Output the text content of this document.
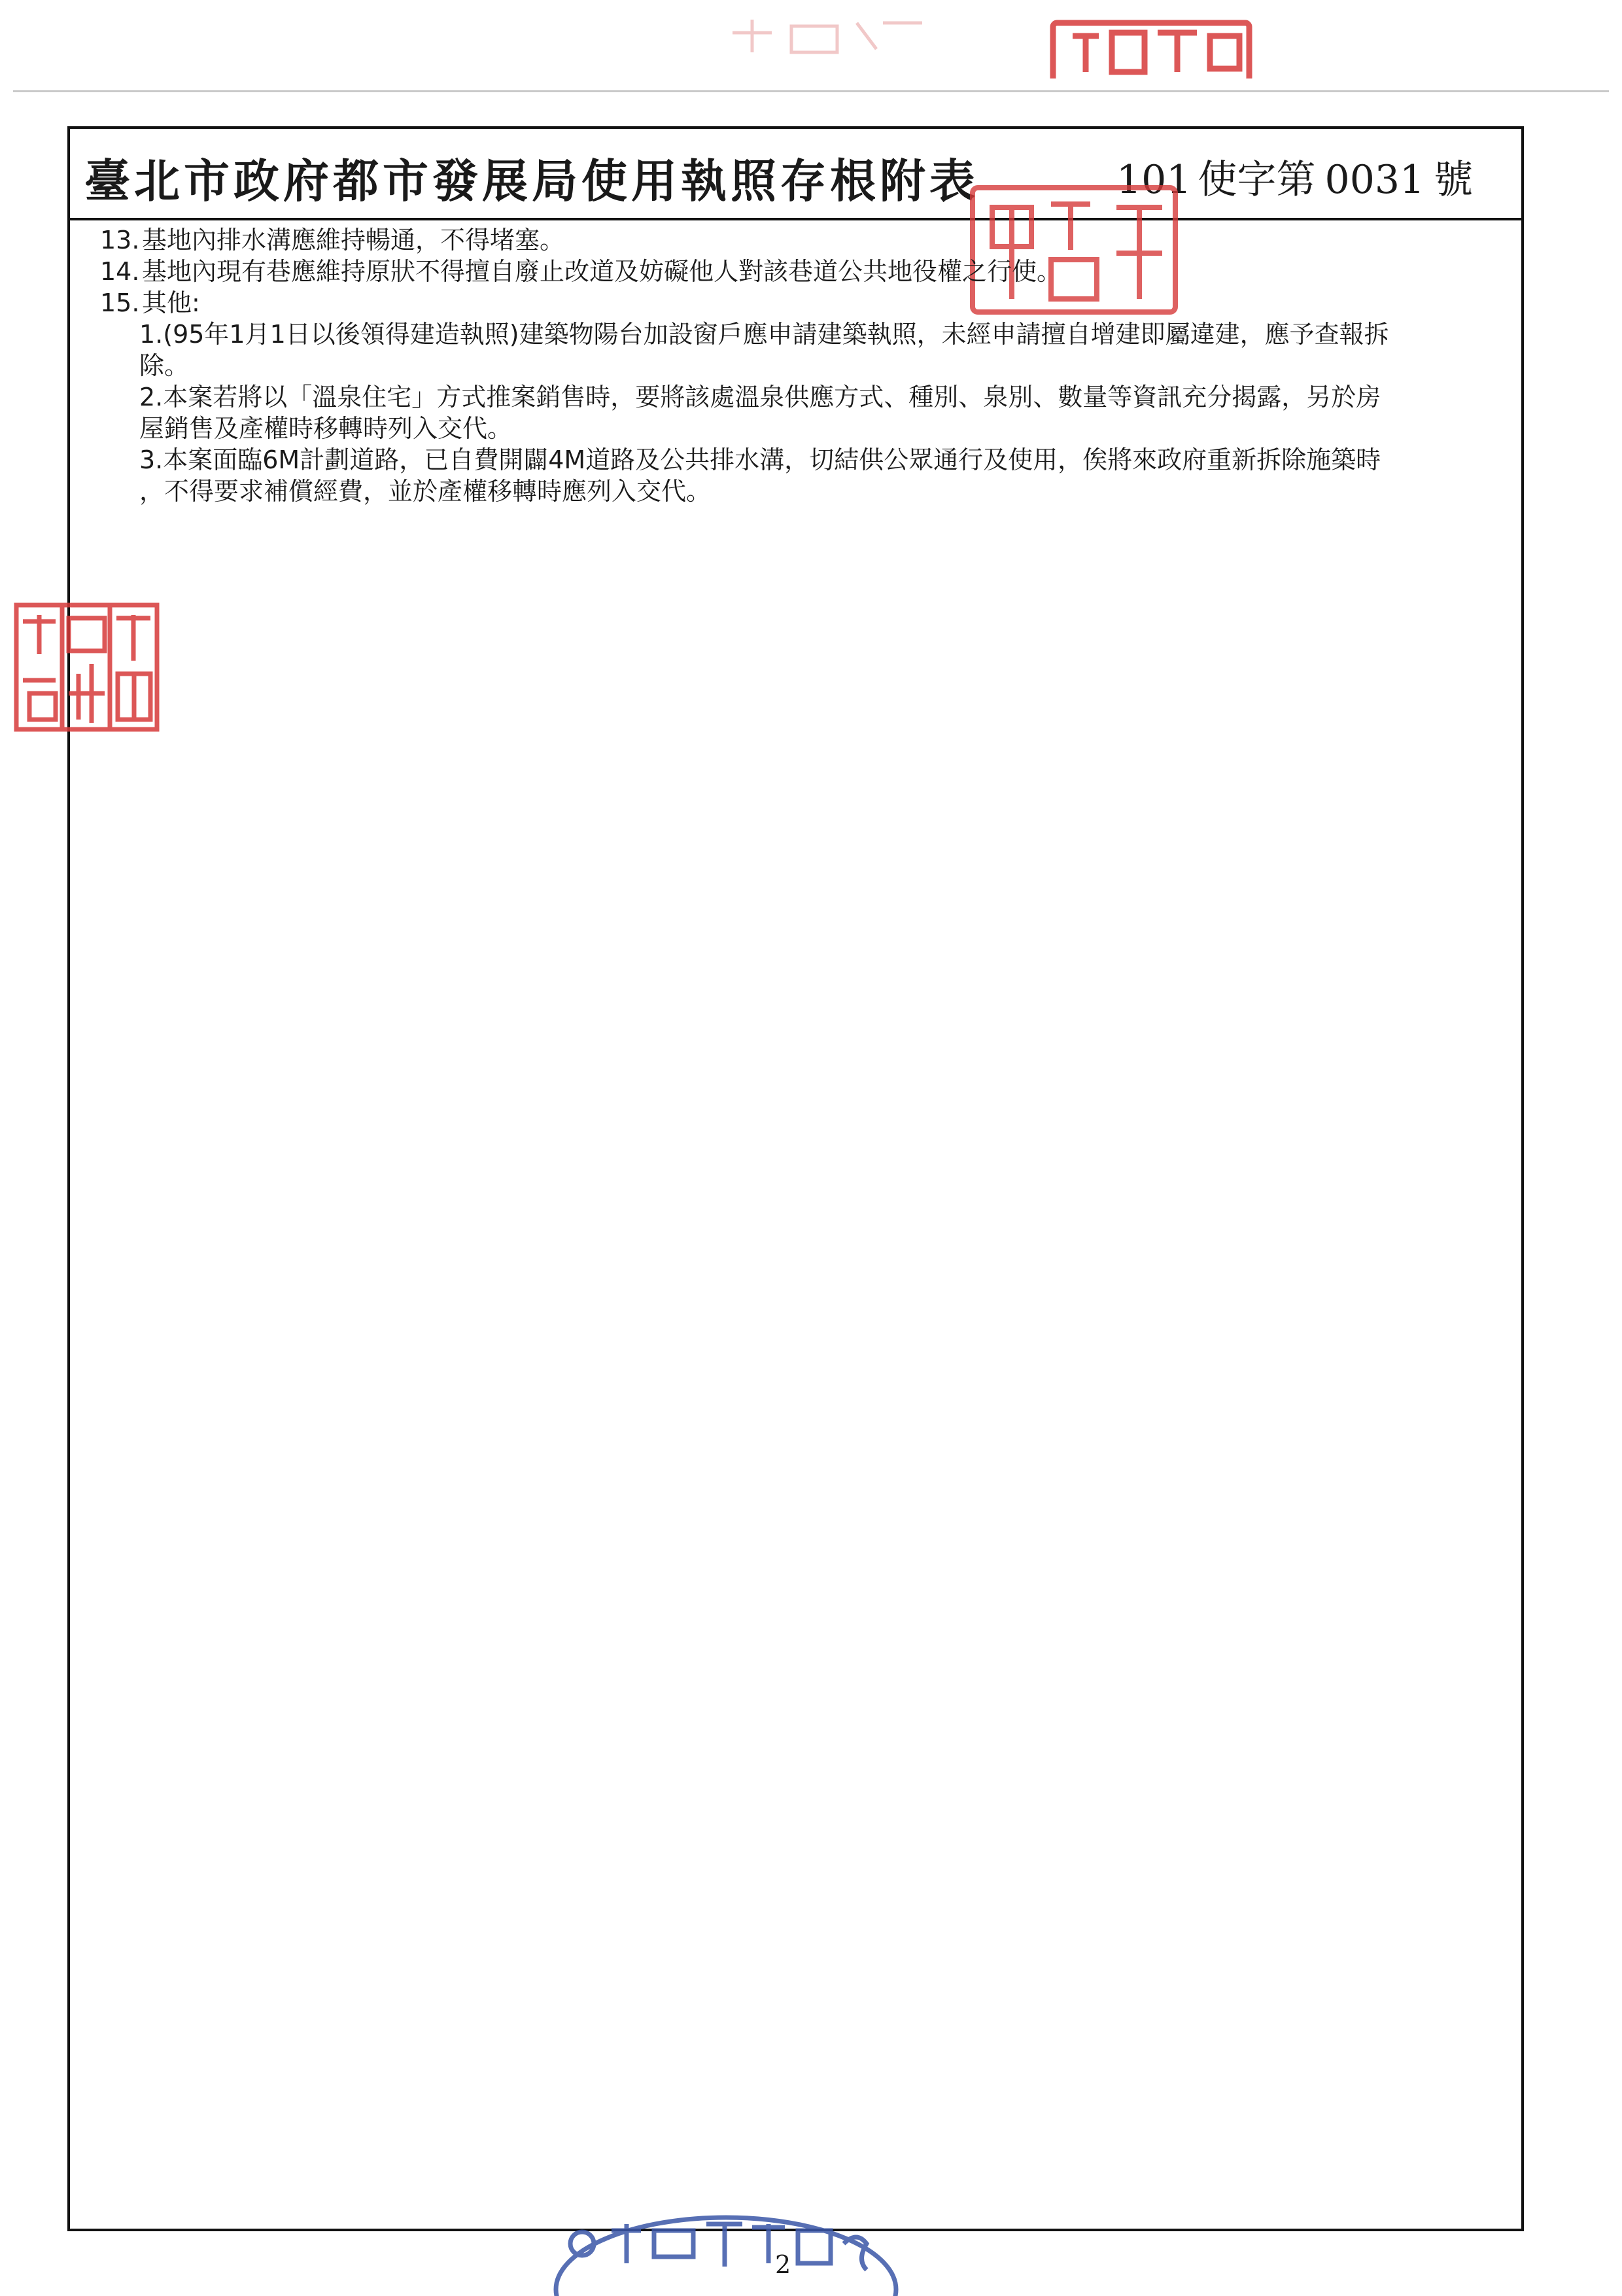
臺北市政府都市發展局使用執照存根附表	101 使字第 0031 號

13.基地內排水溝應維持暢通，不得堵塞。

14.基地內現有巷應維持原狀不得擅自廢止改道及妨礙他人對該巷道公共地役權之行使。

15.其他:

1.(95年1月1日以後領得建造執照)建築物陽台加設窗戶應申請建築執照，未經申請擅自增建即屬違建，應予查報拆
除。
2.本案若將以「溫泉住宅」方式推案銷售時，要將該處溫泉供應方式、種別、泉別、數量等資訊充分揭露，另於房
屋銷售及產權時移轉時列入交代。
3.本案面臨6M計劃道路，已自費開闢4M道路及公共排水溝，切結供公眾通行及使用，俟將來政府重新拆除施築時
，不得要求補償經費，並於產權移轉時應列入交代。
2
